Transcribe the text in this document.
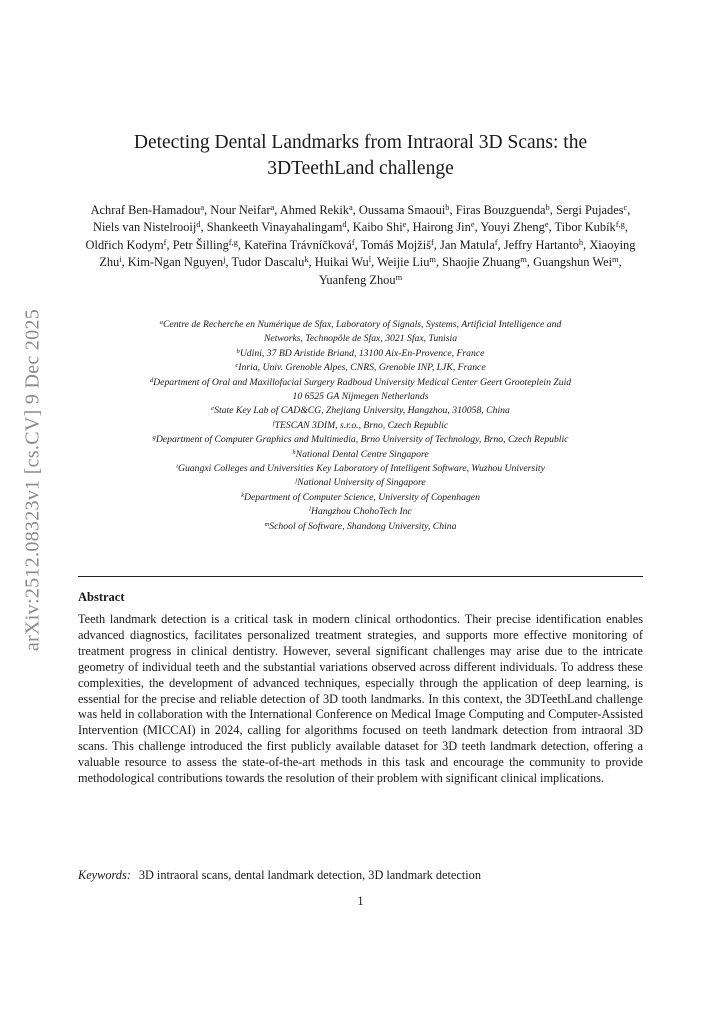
arXiv:2512.08323v1 [cs.CV] 9 Dec 2025
Detecting Dental Landmarks from Intraoral 3D Scans: the
3DTeethLand challenge
Achraf Ben-Hamadou$^a$, Nour Neifar$^a$, Ahmed Rekik$^a$, Oussama Smaoui$^b$, Firas Bouzguenda$^b$, Sergi Pujades$^c$, Niels van Nistelrooij$^d$, Shankeeth Vinayahalingam$^d$, Kaibo Shi$^e$, Hairong Jin$^e$, Youyi Zheng$^e$, Tibor Kubík$^{f,g}$, Oldřich Kodym$^f$, Petr Šilling$^{f,g}$, Kateřina Trávníčková$^f$, Tomáš Mojžiš$^f$, Jan Matula$^f$, Jeffry Hartanto$^h$, Xiaoying Zhu$^i$, Kim-Ngan Nguyen$^j$, Tudor Dascalu$^k$, Huikai Wu$^l$, Weijie Liu$^m$, Shaojie Zhuang$^m$, Guangshun Wei$^m$, Yuanfeng Zhou$^m$
$^a$Centre de Recherche en Numérique de Sfax, Laboratory of Signals, Systems, Artificial Intelligence and
Networks, Technopôle de Sfax, 3021 Sfax, Tunisia
$^b$Udini, 37 BD Aristide Briand, 13100 Aix-En-Provence, France
$^c$Inria, Univ. Grenoble Alpes, CNRS, Grenoble INP, LJK, France
$^d$Department of Oral and Maxillofacial Surgery Radboud University Medical Center Geert Grooteplein Zuid
10 6525 GA Nijmegen Netherlands
$^e$State Key Lab of CAD&CG, Zhejiang University, Hangzhou, 310058, China
$^f$TESCAN 3DIM, s.r.o., Brno, Czech Republic
$^g$Department of Computer Graphics and Multimedia, Brno University of Technology, Brno, Czech Republic
$^h$National Dental Centre Singapore
$^i$Guangxi Colleges and Universities Key Laboratory of Intelligent Software, Wuzhou University
$^j$National University of Singapore
$^k$Department of Computer Science, University of Copenhagen
$^l$Hangzhou ChohoTech Inc
$^m$School of Software, Shandong University, China
Abstract
Teeth landmark detection is a critical task in modern clinical orthodontics. Their precise identification enables advanced diagnostics, facilitates personalized treatment strategies, and supports more effective monitoring of treatment progress in clinical dentistry. However, several significant challenges may arise due to the intricate geometry of individual teeth and the substantial variations observed across different individuals. To address these complexities, the development of advanced techniques, especially through the application of deep learning, is essential for the precise and reliable detection of 3D tooth landmarks. In this context, the 3DTeethLand challenge was held in collaboration with the International Conference on Medical Image Computing and Computer-Assisted Intervention (MICCAI) in 2024, calling for algorithms focused on teeth landmark detection from intraoral 3D scans. This challenge introduced the first publicly available dataset for 3D teeth landmark detection, offering a valuable resource to assess the state-of-the-art methods in this task and encourage the community to provide methodological contributions towards the resolution of their problem with significant clinical implications.
Keywords: 3D intraoral scans, dental landmark detection, 3D landmark detection
1
